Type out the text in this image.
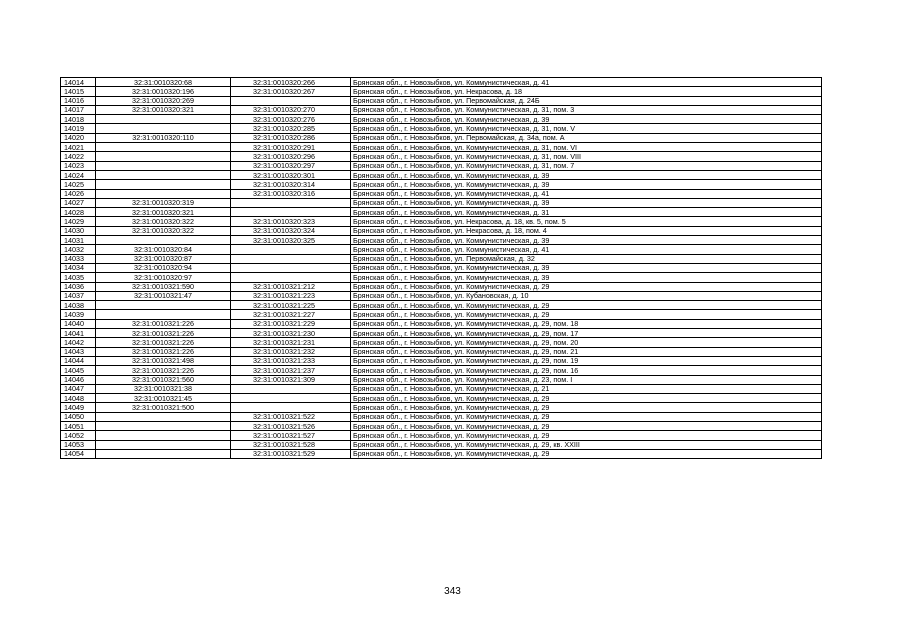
14014	32:31:0010320:68	32:31:0010320:266	Брянская обл., г. Новозыбков, ул. Коммунистическая, д. 41
14015	32:31:0010320:196	32:31:0010320:267	Брянская обл., г. Новозыбков, ул. Некрасова, д. 18
14016	32:31:0010320:269		Брянская обл., г. Новозыбков, ул. Первомайская, д. 24Б
14017	32:31:0010320:321	32:31:0010320:270	Брянская обл., г. Новозыбков, ул. Коммунистическая, д. 31, пом. 3
14018		32:31:0010320:276	Брянская обл., г. Новозыбков, ул. Коммунистическая, д. 39
14019		32:31:0010320:285	Брянская обл., г. Новозыбков, ул. Коммунистическая, д. 31, пом. V
14020	32:31:0010320:110	32:31:0010320:286	Брянская обл., г. Новозыбков, ул. Первомайская, д. 34а, пом. А
14021		32:31:0010320:291	Брянская обл., г. Новозыбков, ул. Коммунистическая, д. 31, пом. VI
14022		32:31:0010320:296	Брянская обл., г. Новозыбков, ул. Коммунистическая, д. 31, пом. VIII
14023		32:31:0010320:297	Брянская обл., г. Новозыбков, ул. Коммунистическая, д. 31, пом. 7
14024		32:31:0010320:301	Брянская обл., г. Новозыбков, ул. Коммунистическая, д. 39
14025		32:31:0010320:314	Брянская обл., г. Новозыбков, ул. Коммунистическая, д. 39
14026		32:31:0010320:316	Брянская обл., г. Новозыбков, ул. Коммунистическая, д. 41
14027	32:31:0010320:319		Брянская обл., г. Новозыбков, ул. Коммунистическая, д. 39
14028	32:31:0010320:321		Брянская обл., г. Новозыбков, ул. Коммунистическая, д. 31
14029	32:31:0010320:322	32:31:0010320:323	Брянская обл., г. Новозыбков, ул. Некрасова, д. 18, кв. 5, пом. 5
14030	32:31:0010320:322	32:31:0010320:324	Брянская обл., г. Новозыбков, ул. Некрасова, д. 18, пом. 4
14031		32:31:0010320:325	Брянская обл., г. Новозыбков, ул. Коммунистическая, д. 39
14032	32:31:0010320:84		Брянская обл., г. Новозыбков, ул. Коммунистическая, д. 41
14033	32:31:0010320:87		Брянская обл., г. Новозыбков, ул. Первомайская, д. 32
14034	32:31:0010320:94		Брянская обл., г. Новозыбков, ул. Коммунистическая, д. 39
14035	32:31:0010320:97		Брянская обл., г. Новозыбков, ул. Коммунистическая, д. 39
14036	32:31:0010321:590	32:31:0010321:212	Брянская обл., г. Новозыбков, ул. Коммунистическая, д. 29
14037	32:31:0010321:47	32:31:0010321:223	Брянская обл., г. Новозыбков, ул. Кубановская, д. 10
14038		32:31:0010321:225	Брянская обл., г. Новозыбков, ул. Коммунистическая, д. 29
14039		32:31:0010321:227	Брянская обл., г. Новозыбков, ул. Коммунистическая, д. 29
14040	32:31:0010321:226	32:31:0010321:229	Брянская обл., г. Новозыбков, ул. Коммунистическая, д. 29, пом. 18
14041	32:31:0010321:226	32:31:0010321:230	Брянская обл., г. Новозыбков, ул. Коммунистическая, д. 29, пом. 17
14042	32:31:0010321:226	32:31:0010321:231	Брянская обл., г. Новозыбков, ул. Коммунистическая, д. 29, пом. 20
14043	32:31:0010321:226	32:31:0010321:232	Брянская обл., г. Новозыбков, ул. Коммунистическая, д. 29, пом. 21
14044	32:31:0010321:498	32:31:0010321:233	Брянская обл., г. Новозыбков, ул. Коммунистическая, д. 29, пом. 19
14045	32:31:0010321:226	32:31:0010321:237	Брянская обл., г. Новозыбков, ул. Коммунистическая, д. 29, пом. 16
14046	32:31:0010321:560	32:31:0010321:309	Брянская обл., г. Новозыбков, ул. Коммунистическая, д. 23, пом. I
14047	32:31:0010321:38		Брянская обл., г. Новозыбков, ул. Коммунистическая, д. 21
14048	32:31:0010321:45		Брянская обл., г. Новозыбков, ул. Коммунистическая, д. 29
14049	32:31:0010321:500		Брянская обл., г. Новозыбков, ул. Коммунистическая, д. 29
14050		32:31:0010321:522	Брянская обл., г. Новозыбков, ул. Коммунистическая, д. 29
14051		32:31:0010321:526	Брянская обл., г. Новозыбков, ул. Коммунистическая, д. 29
14052		32:31:0010321:527	Брянская обл., г. Новозыбков, ул. Коммунистическая, д. 29
14053		32:31:0010321:528	Брянская обл., г. Новозыбков, ул. Коммунистическая, д. 29, кв. XXIII
14054		32:31:0010321:529	Брянская обл., г. Новозыбков, ул. Коммунистическая, д. 29
343
